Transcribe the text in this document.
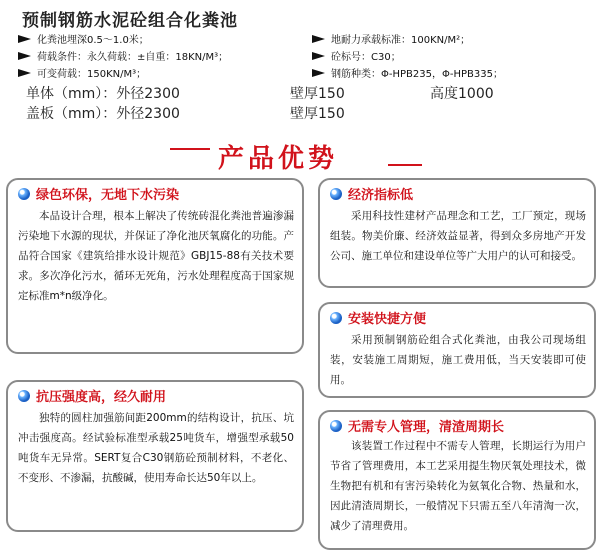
预制钢筋水泥砼组合化粪池
化粪池埋深0.5～1.0米；
荷载条件：永久荷载：±自重：18KN/M³；
可变荷载：150KN/M³；
地耐力承载标准：100KN/M²；
砼标号：C30；
钢筋种类：Φ-HPB235，Φ-HPB335；
单体（mm）：外径2300	壁厚150	高度1000
盖板（mm）：外径2300	壁厚150
产品优势
绿色环保，无地下水污染

本品设计合理，根本上解决了传统砖混化粪池普遍渗漏污染地下水源的现状，并保证了净化池厌氧腐化的功能。产品符合国家《建筑给排水设计规范》GBJ15-88有关技术要求。多次净化污水，循环无死角，污水处理程度高于国家规定标准m*n级净化。

抗压强度高，经久耐用

独特的圆柱加强筋间距200mm的结构设计，抗压、坑冲击强度高。经试验标准型承载25吨货车，增强型承载50吨货车无异常。SERT复合C30钢筋砼预制材料，不老化、不变形、不渗漏，抗酸碱，使用寿命长达50年以上。

经济指标低

采用科技性建材产品理念和工艺，工厂预定，现场组装。物美价廉、经济效益显著，得到众多房地产开发公司、施工单位和建设单位等广大用户的认可和接受。

安装快捷方便

采用预制钢筋砼组合式化粪池，由我公司现场组装，安装施工周期短，施工费用低，当天安装即可使用。

无需专人管理，清渣周期长

该装置工作过程中不需专人管理，长期运行为用户节省了管理费用，本工艺采用提生物厌氧处理技术，微生物把有机和有害污染转化为氨氧化合物、热量和水，因此清渣周期长，一般情况下只需五至八年清淘一次，减少了清理费用。
